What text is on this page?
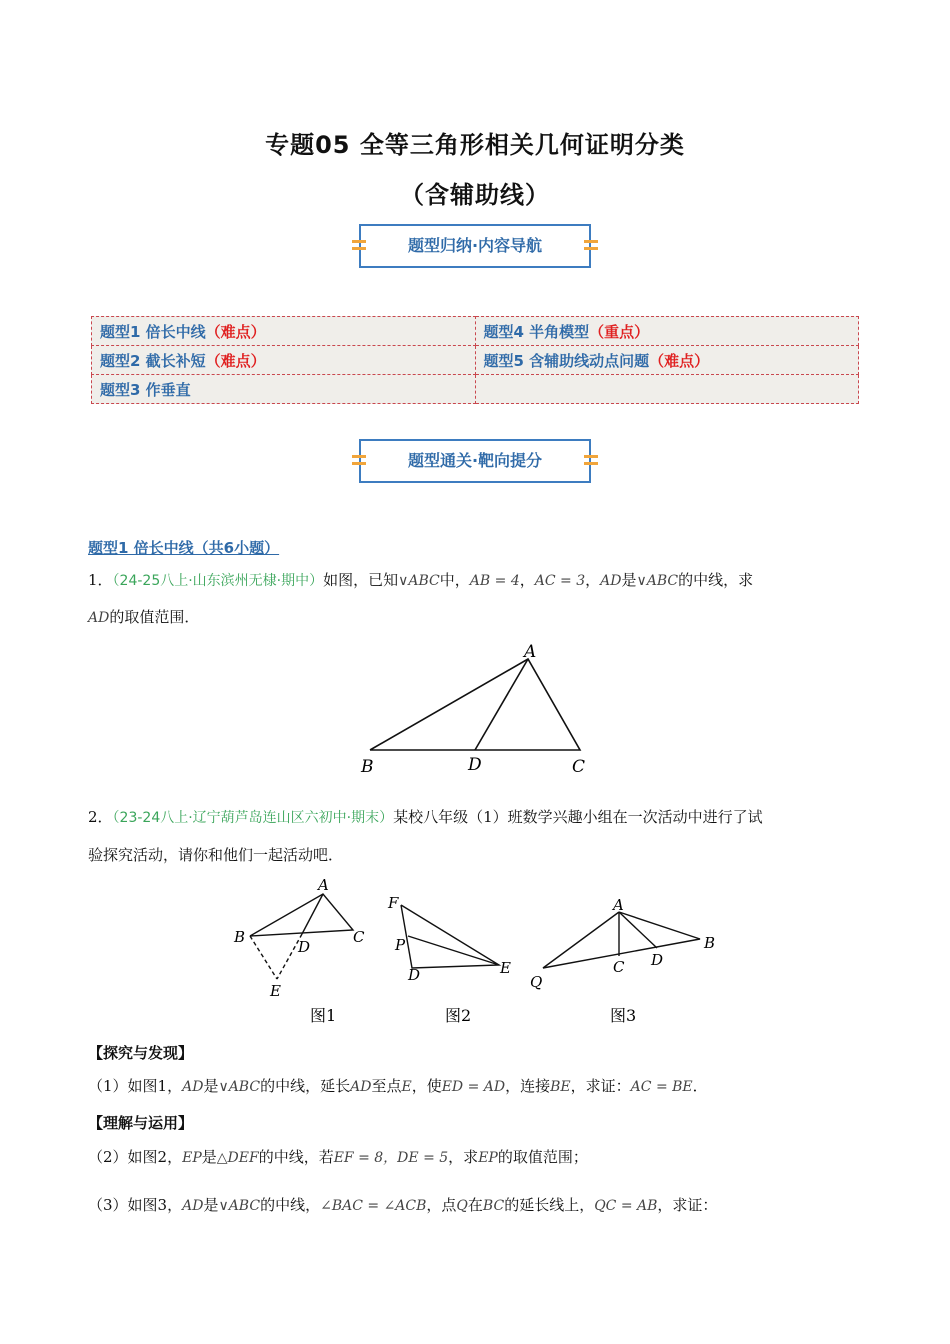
专题05 全等三角形相关几何证明分类
（含辅助线）
题型归纳·内容导航
题型1 倍长中线（难点）	题型4 半角模型（重点）
题型2 截长补短（难点）	题型5 含辅助线动点问题（难点）
题型3 作垂直	
题型通关·靶向提分
题型1 倍长中线（共6小题）
1．（24-25八上·山东滨州无棣·期中）如图，已知∨ABC中，AB = 4，AC = 3，AD是∨ABC的中线，求
AD的取值范围．
A
B	D	C
2．（23-24八上·辽宁葫芦岛连山区六初中·期末）某校八年级（1）班数学兴趣小组在一次活动中进行了试
验探究活动，请你和他们一起活动吧．
A
B	C
D
E
图1
F
P
D	E
图2
A
B
C D
Q
图3
【探究与发现】
（1）如图1，AD是∨ABC的中线，延长AD至点E，使ED = AD，连接BE，求证：AC = BE．
【理解与运用】
（2）如图2，EP是△DEF的中线，若EF = 8，DE = 5，求EP的取值范围；
（3）如图3，AD是∨ABC的中线，∠BAC = ∠ACB，点Q在BC的延长线上，QC = AB，求证：
